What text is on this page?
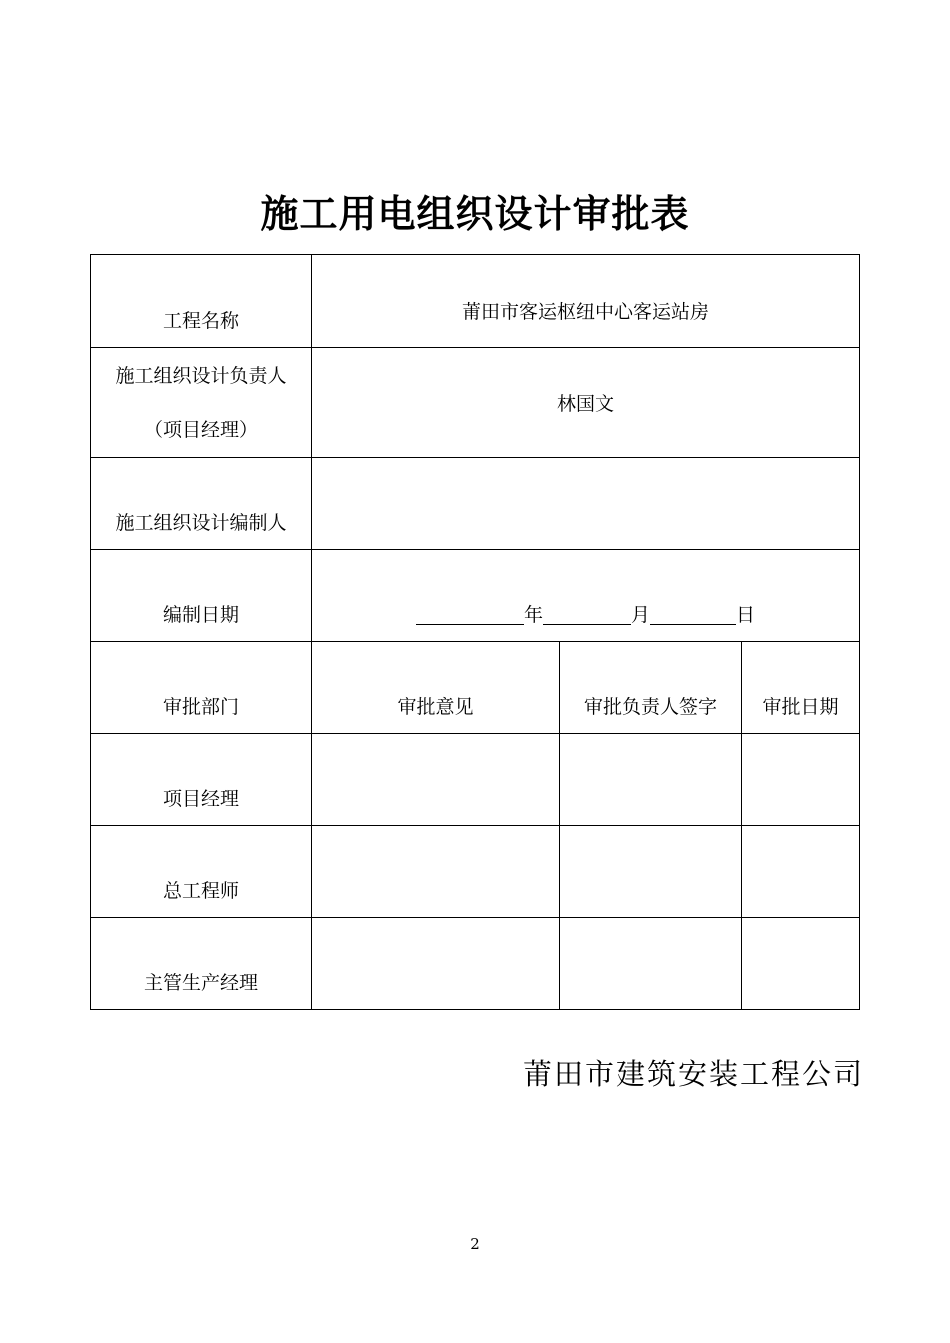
施工用电组织设计审批表
工程名称	莆田市客运枢纽中心客运站房		

施工组织设计负责人
（项目经理）	林国文		
施工组织设计编制人			
编制日期	年 月 日		
审批部门	审批意见	审批负责人签字	审批日期
项目经理			
总工程师			
主管生产经理			
莆田市建筑安装工程公司
2
